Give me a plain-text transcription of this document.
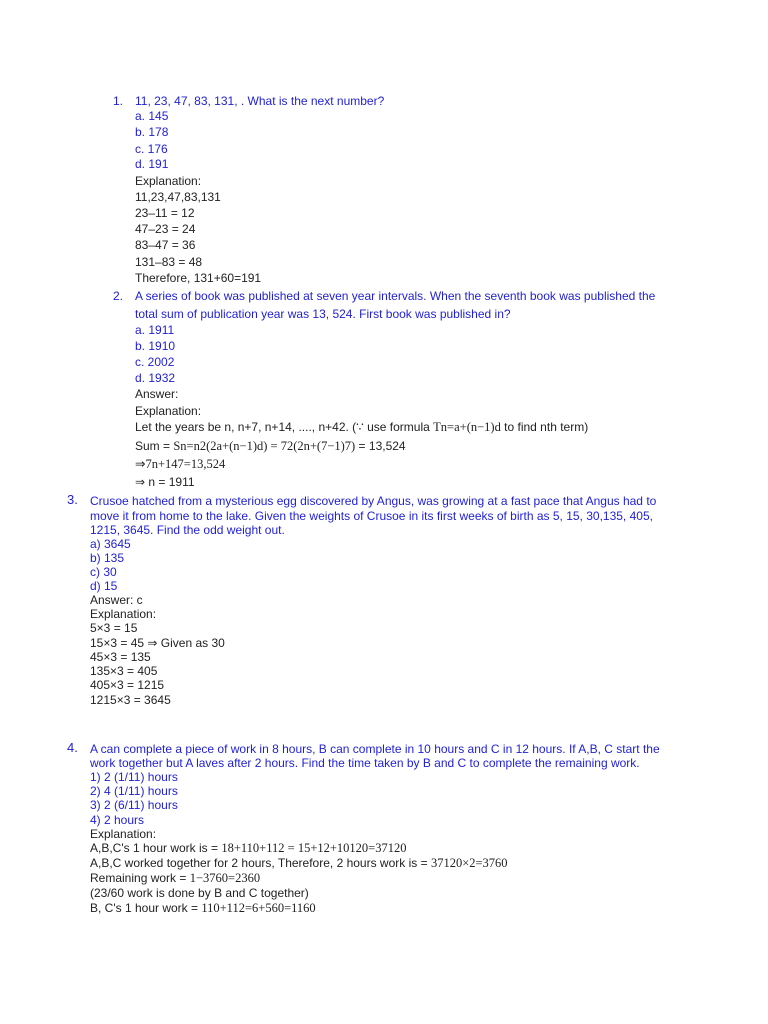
1. 11, 23, 47, 83, 131, . What is the next number?
a. 145
b. 178
c. 176
d. 191
Explanation:
11,23,47,83,131
23–11 = 12
47–23 = 24
83–47 = 36
131–83 = 48
Therefore, 131+60=191
2. A series of book was published at seven year intervals. When the seventh book was published the
total sum of publication year was 13, 524. First book was published in?
a. 1911
b. 1910
c. 2002
d. 1932
Answer:
Explanation:
Let the years be n, n+7, n+14, ...., n+42. (∵ use formula Tn=a+(n−1)d to find nth term)
Sum = Sn=n2(2a+(n−1)d) = 72(2n+(7−1)7) = 13,524
⇒7n+147=13,524
⇒ n = 1911
3. Crusoe hatched from a mysterious egg discovered by Angus, was growing at a fast pace that Angus had to
move it from home to the lake. Given the weights of Crusoe in its first weeks of birth as 5, 15, 30,135, 405,
1215, 3645. Find the odd weight out.
a) 3645
b) 135
c) 30
d) 15
Answer: c
Explanation:
5×3 = 15
15×3 = 45 ⇒ Given as 30
45×3 = 135
135×3 = 405
405×3 = 1215
1215×3 = 3645
4. A can complete a piece of work in 8 hours, B can complete in 10 hours and C in 12 hours. If A,B, C start the
work together but A laves after 2 hours. Find the time taken by B and C to complete the remaining work.
1) 2 (1/11) hours
2) 4 (1/11) hours
3) 2 (6/11) hours
4) 2 hours
Explanation:
A,B,C's 1 hour work is = 18+110+112 = 15+12+10120=37120
A,B,C worked together for 2 hours, Therefore, 2 hours work is = 37120×2=3760
Remaining work = 1−3760=2360
(23/60 work is done by B and C together)
B, C's 1 hour work = 110+112=6+560=1160
